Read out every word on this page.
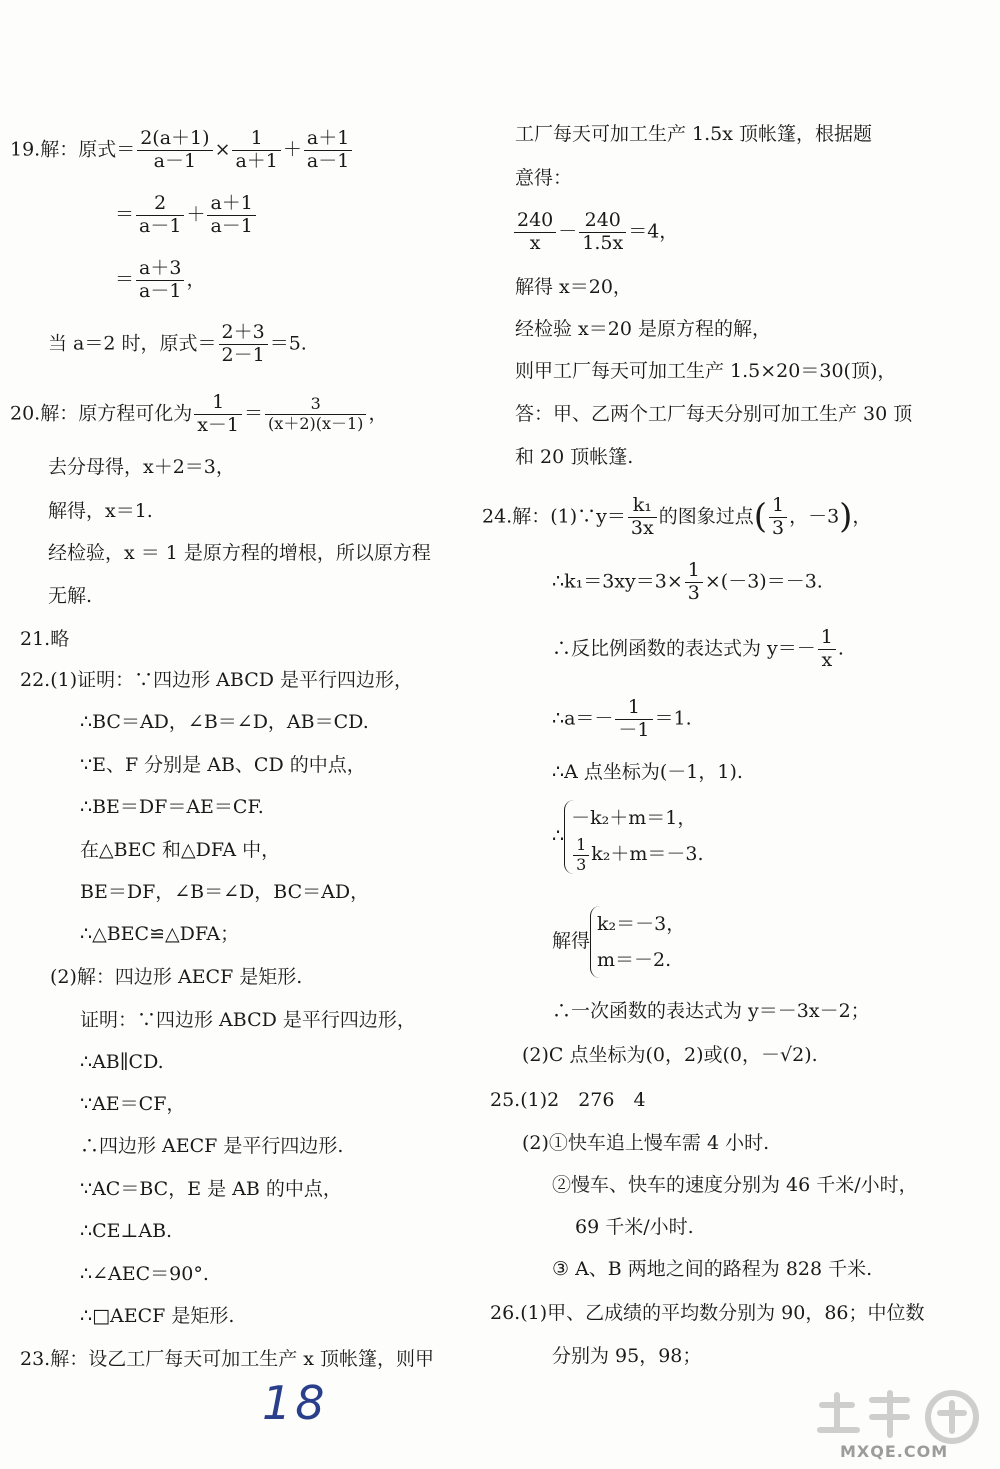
19.解：原式＝ $\frac{2(a+1)}{a-1} \times \frac{1}{a+1} + \frac{a+1}{a-1}$
＝ $\frac{2}{a-1} + \frac{a+1}{a-1}$
＝ $\frac{a+3}{a-1}$ ，
当 a＝2 时，原式＝ $\frac{2+3}{2-1} =5$.
20.解：原方程可化为 $\frac{1}{x-1} = \frac{3}{(x+2)(x-1)}$ ，
去分母得，x＋2＝3，
解得，x＝1.
经检验，x ＝ 1 是原方程的增根，所以原方程
无解.
21.略
22.(1)证明：∵四边形 ABCD 是平行四边形，
∴BC＝AD，∠B＝∠D，AB＝CD.
∵E、F 分别是 AB、CD 的中点，
∴BE＝DF＝AE＝CF.
在△BEC 和△DFA 中，
BE＝DF，∠B＝∠D，BC＝AD，
∴△BEC≌△DFA；
(2)解：四边形 AECF 是矩形.
证明：∵四边形 ABCD 是平行四边形，
∴AB∥CD.
∵AE＝CF，
∴四边形 AECF 是平行四边形.
∵AC＝BC，E 是 AB 的中点，
∴CE⊥AB.
∴∠AEC＝90°.
∴□AECF 是矩形.
23.解：设乙工厂每天可加工生产 x 顶帐篷，则甲
工厂每天可加工生产 1.5x 顶帐篷，根据题
意得：
$\frac{240}{x} - \frac{240}{1.5x} =4$，
解得 x＝20，
经检验 x＝20 是原方程的解，
则甲工厂每天可加工生产 1.5×20＝30(顶)，
答：甲、乙两个工厂每天分别可加工生产 30 顶
和 20 顶帐篷.
24.解：(1)∵y＝ $\frac{\text{k₁}}{3x}$ 的图象过点( $\frac{1}{3}$ ，－3)，
∴k₁＝3xy＝3× $\frac{1}{3} \times(-3)=-3$.
∴反比例函数的表达式为 $y=- \frac{1}{x}$ .
∴a＝－ $\frac{1}{-1} =1$.
∴A 点坐标为(－1，1).
∴
－k₂＋m＝1，
$\frac{1}{3} k_2+m=-3$.
解得
k₂＝－3，
m＝－2.
∴一次函数的表达式为 y＝－3x－2；
(2)C 点坐标为(0，2)或(0，－√2).
25.(1)2　276　4
(2)①快车追上慢车需 4 小时.
②慢车、快车的速度分别为 46 千米/小时，
69 千米/小时.
③ A、B 两地之间的路程为 828 千米.
26.(1)甲、乙成绩的平均数分别为 90，86；中位数
分别为 95，98；
18
MXQE.COM
